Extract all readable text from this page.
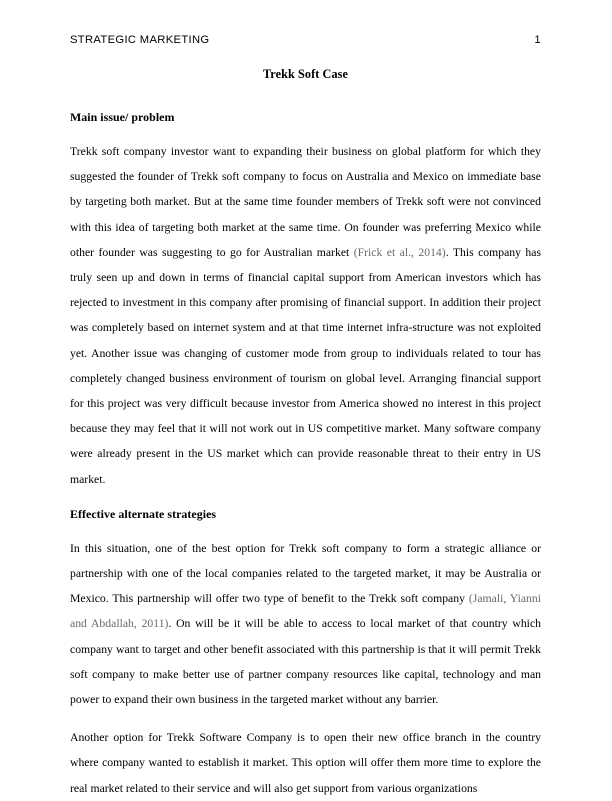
STRATEGIC MARKETING	1
Trekk Soft Case
Main issue/ problem

Trekk soft company investor want to expanding their business on global platform for which they suggested the founder of Trekk soft company to focus on Australia and Mexico on immediate base by targeting both market. But at the same time founder members of Trekk soft were not convinced with this idea of targeting both market at the same time. On founder was preferring Mexico while other founder was suggesting to go for Australian market (Frick et al., 2014). This company has truly seen up and down in terms of financial capital support from American investors which has rejected to investment in this company after promising of financial support. In addition their project was completely based on internet system and at that time internet infra-structure was not exploited yet. Another issue was changing of customer mode from group to individuals related to tour has completely changed business environment of tourism on global level. Arranging financial support for this project was very difficult because investor from America showed no interest in this project because they may feel that it will not work out in US competitive market. Many software company were already present in the US market which can provide reasonable threat to their entry in US market.

Effective alternate strategies

In this situation, one of the best option for Trekk soft company to form a strategic alliance or partnership with one of the local companies related to the targeted market, it may be Australia or Mexico. This partnership will offer two type of benefit to the Trekk soft company (Jamali, Yianni and Abdallah, 2011). On will be it will be able to access to local market of that country which company want to target and other benefit associated with this partnership is that it will permit Trekk soft company to make better use of partner company resources like capital, technology and man power to expand their own business in the targeted market without any barrier.

Another option for Trekk Software Company is to open their new office branch in the country where company wanted to establish it market. This option will offer them more time to explore the real market related to their service and will also get support from various organizations
